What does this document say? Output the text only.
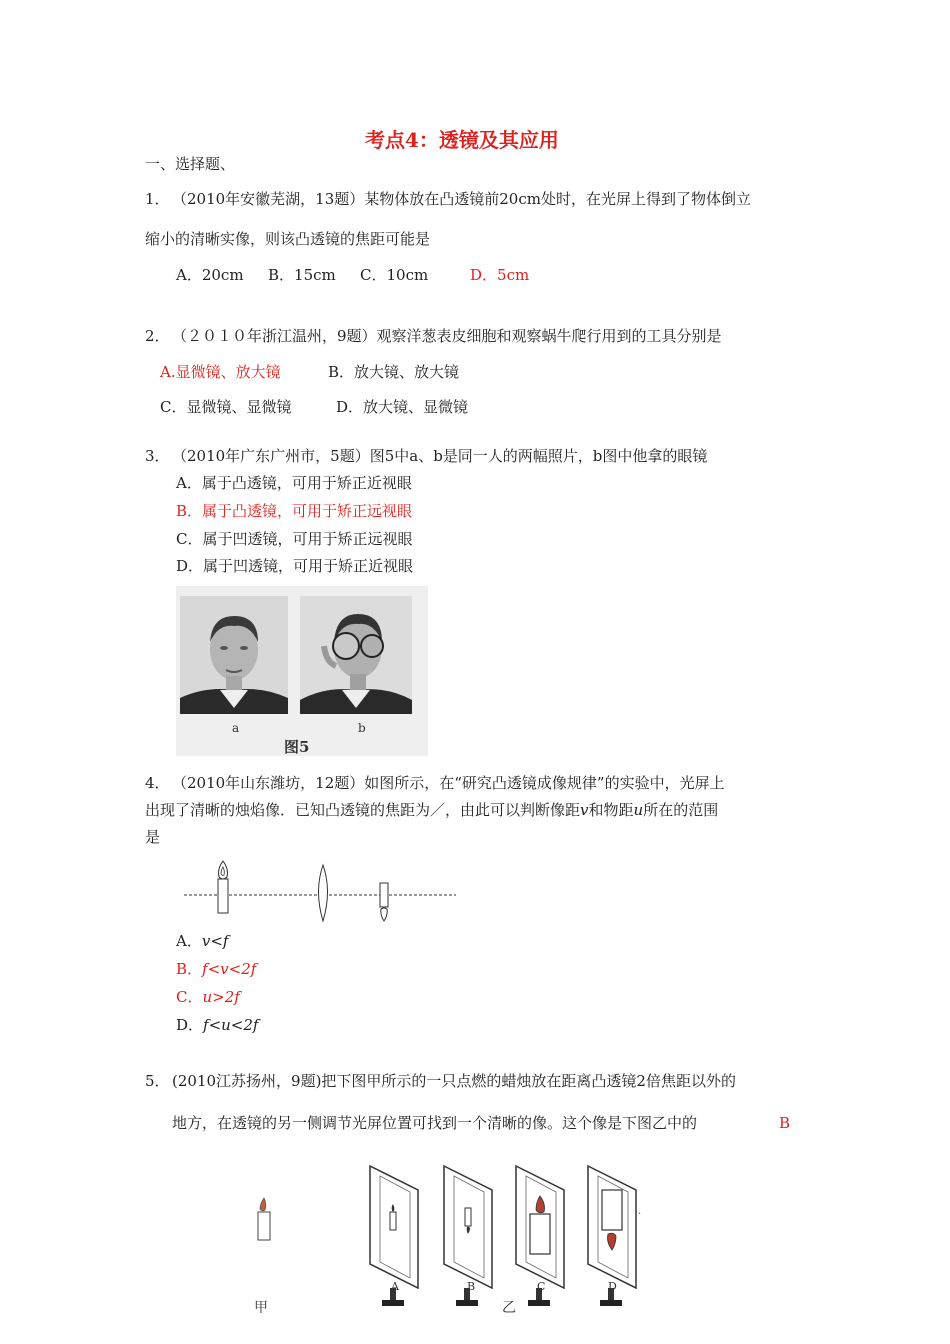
考点4：透镜及其应用
一、选择题、
1． （2010年安徽芜湖，13题）某物体放在凸透镜前20cm处时，在光屏上得到了物体倒立
缩小的清晰实像，则该凸透镜的焦距可能是
A．20cm B．15cm C．10cm	D．5cm
2． （２０１０年浙江温州，9题）观察洋葱表皮细胞和观察蜗牛爬行用到的工具分别是
A.显微镜、放大镜	B．放大镜、放大镜
C．显微镜、显微镜	D．放大镜、显微镜
3． （2010年广东广州市，5题）图5中a、b是同一人的两幅照片，b图中他拿的眼镜
A．属于凸透镜，可用于矫正近视眼
B．属于凸透镜，可用于矫正远视眼
C．属于凹透镜，可用于矫正远视眼
D．属于凹透镜，可用于矫正近视眼
a	b
图5
4． （2010年山东潍坊，12题）如图所示，在“研究凸透镜成像规律”的实验中，光屏上
出现了清晰的烛焰像．已知凸透镜的焦距为／，由此可以判断像距v和物距u所在的范围
是
A．v<f
B．f<v<2f
C．u>2f
D．f<u<2f
5． (2010江苏扬州，9题)把下图甲所示的一只点燃的蜡烛放在距离凸透镜2倍焦距以外的
地方，在透镜的另一侧调节光屏位置可找到一个清晰的像。这个像是下图乙中的	B
.
A	B	C	D
甲	乙
